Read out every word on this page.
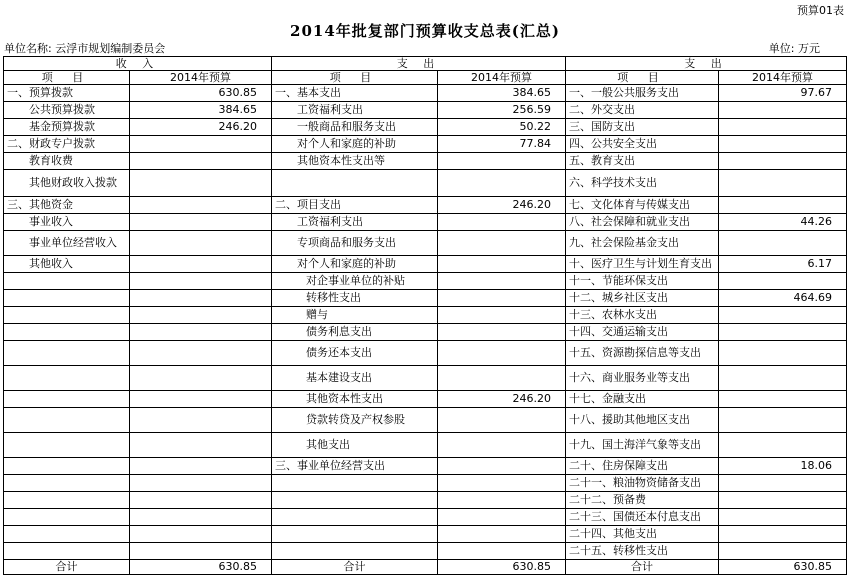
预算01表
2014年批复部门预算收支总表(汇总)
单位名称: 云浮市规划编制委员会	单位: 万元
收 入		支 出		支 出	
项 目	2014年预算	项 目	2014年预算	项 目	2014年预算
一、预算拨款	630.85	一、基本支出	384.65	一、一般公共服务支出	97.67
公共预算拨款	384.65	工资福利支出	256.59	二、外交支出	
基金预算拨款	246.20	一般商品和服务支出	50.22	三、国防支出	
二、财政专户拨款		对个人和家庭的补助	77.84	四、公共安全支出	
教育收费		其他资本性支出等		五、教育支出	
其他财政收入拨款				六、科学技术支出	
三、其他资金		二、项目支出	246.20	七、文化体育与传媒支出	
事业收入		工资福利支出		八、社会保障和就业支出	44.26
事业单位经营收入		专项商品和服务支出		九、社会保险基金支出	
其他收入		对个人和家庭的补助		十、医疗卫生与计划生育支出	6.17
		对企事业单位的补贴		十一、节能环保支出	
		转移性支出		十二、城乡社区支出	464.69
		赠与		十三、农林水支出	
		债务利息支出		十四、交通运输支出	
		债务还本支出		十五、资源勘探信息等支出	
		基本建设支出		十六、商业服务业等支出	
		其他资本性支出	246.20	十七、金融支出	
		贷款转贷及产权参股		十八、援助其他地区支出	
		其他支出		十九、国土海洋气象等支出	
		三、事业单位经营支出		二十、住房保障支出	18.06
				二十一、粮油物资储备支出	
				二十二、预备费	
				二十三、国债还本付息支出	
				二十四、其他支出	
				二十五、转移性支出	
合计	630.85	合计	630.85	合计	630.85
